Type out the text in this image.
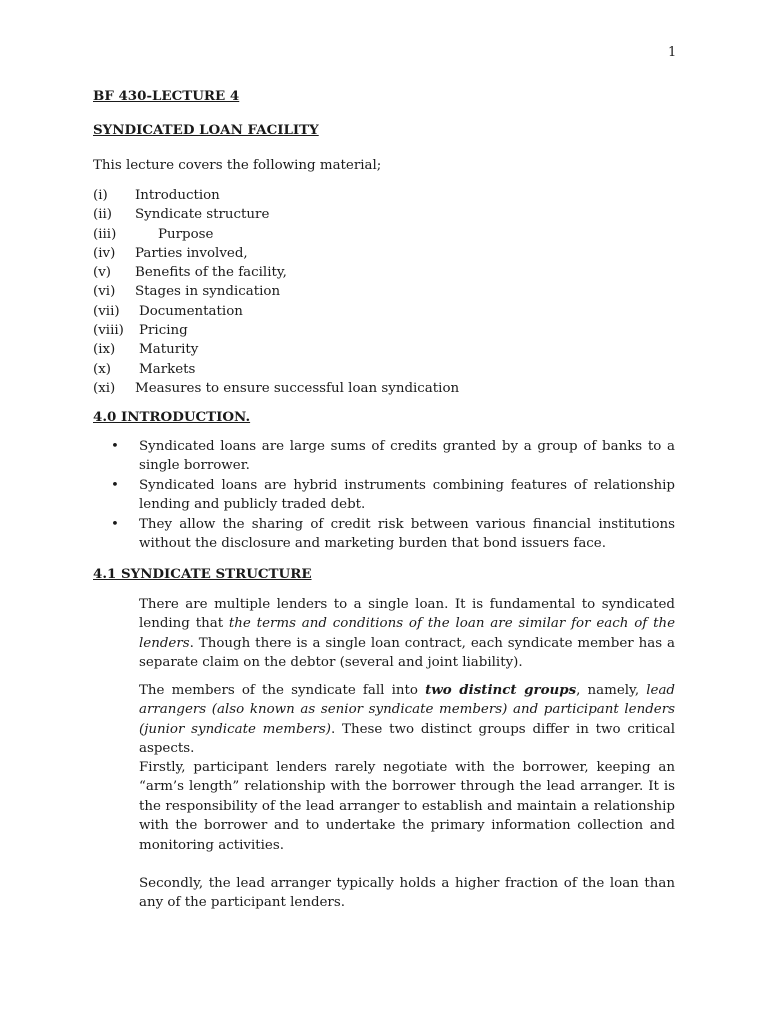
1
BF 430-LECTURE 4
SYNDICATED LOAN FACILITY
This lecture covers the following material;
(i)	Introduction
(ii)	Syndicate structure
(iii)	Purpose
(iv)	Parties involved,
(v)	Benefits of the facility,
(vi)	Stages in syndication
(vii)	Documentation
(viii)	Pricing
(ix)	Maturity
(x)	Markets
(xi)	Measures to ensure successful loan syndication
4.0 INTRODUCTION.
• Syndicated loans are large sums of credits granted by a group of banks to a single borrower.
• Syndicated loans are hybrid instruments combining features of relationship lending and publicly traded debt.
• They allow the sharing of credit risk between various financial institutions without the disclosure and marketing burden that bond issuers face.
4.1 SYNDICATE STRUCTURE

There are multiple lenders to a single loan. It is fundamental to syndicated lending that the terms and conditions of the loan are similar for each of the lenders. Though there is a single loan contract, each syndicate member has a separate claim on the debtor (several and joint liability).

The members of the syndicate fall into two distinct groups, namely, lead arrangers (also known as senior syndicate members) and participant lenders (junior syndicate members). These two distinct groups differ in two critical aspects.

Firstly, participant lenders rarely negotiate with the borrower, keeping an “arm’s length” relationship with the borrower through the lead arranger. It is the responsibility of the lead arranger to establish and maintain a relationship with the borrower and to undertake the primary information collection and monitoring activities.

Secondly, the lead arranger typically holds a higher fraction of the loan than any of the participant lenders.
